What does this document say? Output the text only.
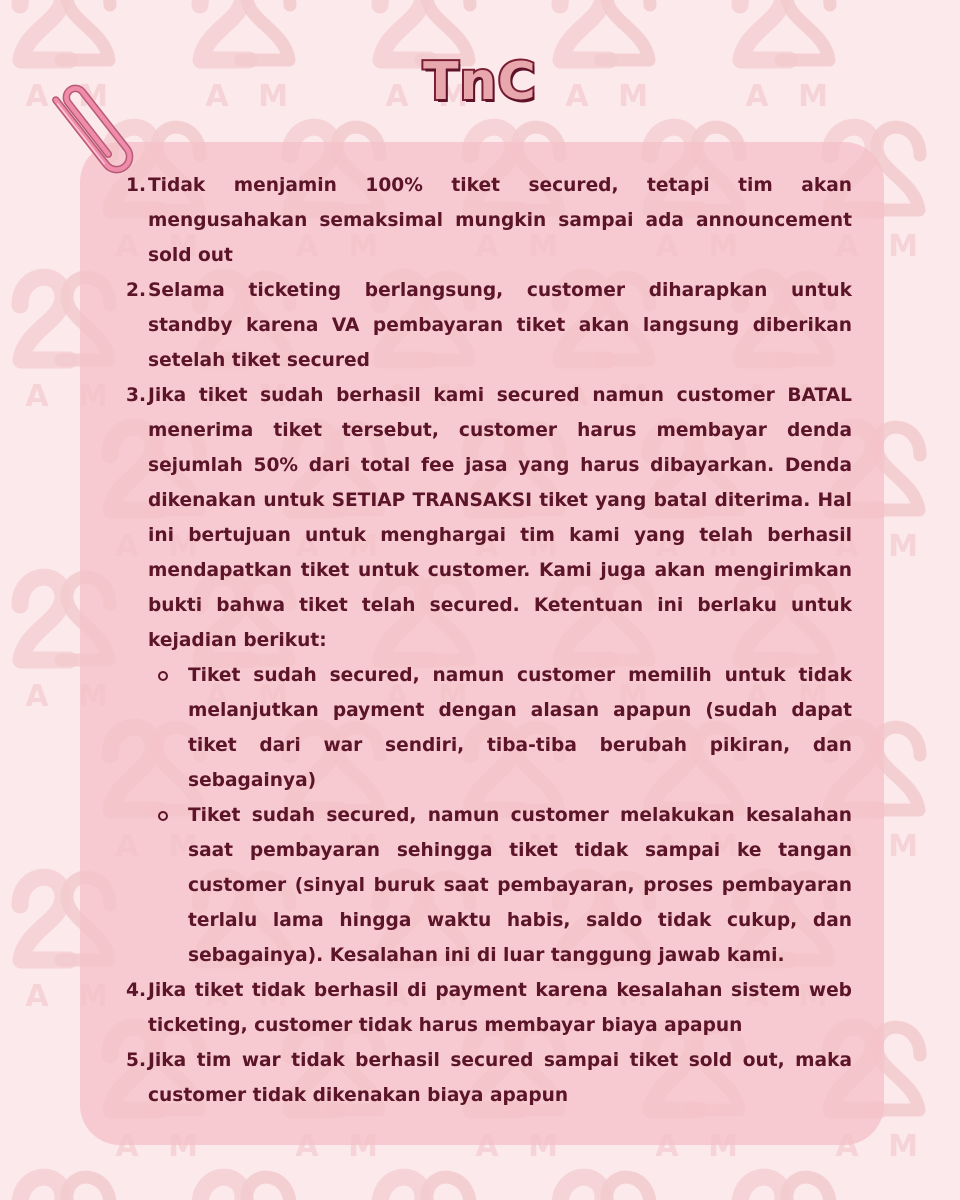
TnC
1. Tidak menjamin 100% tiket secured, tetapi tim akan mengusahakan semaksimal mungkin sampai ada announcement sold out
2. Selama ticketing berlangsung, customer diharapkan untuk standby karena VA pembayaran tiket akan langsung diberikan setelah tiket secured
3. Jika tiket sudah berhasil kami secured namun customer BATAL menerima tiket tersebut, customer harus membayar denda sejumlah 50% dari total fee jasa yang harus dibayarkan. Denda dikenakan untuk SETIAP TRANSAKSI tiket yang batal diterima. Hal ini bertujuan untuk menghargai tim kami yang telah berhasil mendapatkan tiket untuk customer. Kami juga akan mengirimkan bukti bahwa tiket telah secured. Ketentuan ini berlaku untuk kejadian berikut:
Tiket sudah secured, namun customer memilih untuk tidak melanjutkan payment dengan alasan apapun (sudah dapat tiket dari war sendiri, tiba-tiba berubah pikiran, dan sebagainya)
Tiket sudah secured, namun customer melakukan kesalahan saat pembayaran sehingga tiket tidak sampai ke tangan customer (sinyal buruk saat pembayaran, proses pembayaran terlalu lama hingga waktu habis, saldo tidak cukup, dan sebagainya). Kesalahan ini di luar tanggung jawab kami.
4. Jika tiket tidak berhasil di payment karena kesalahan sistem web ticketing, customer tidak harus membayar biaya apapun
5. Jika tim war tidak berhasil secured sampai tiket sold out, maka customer tidak dikenakan biaya apapun
